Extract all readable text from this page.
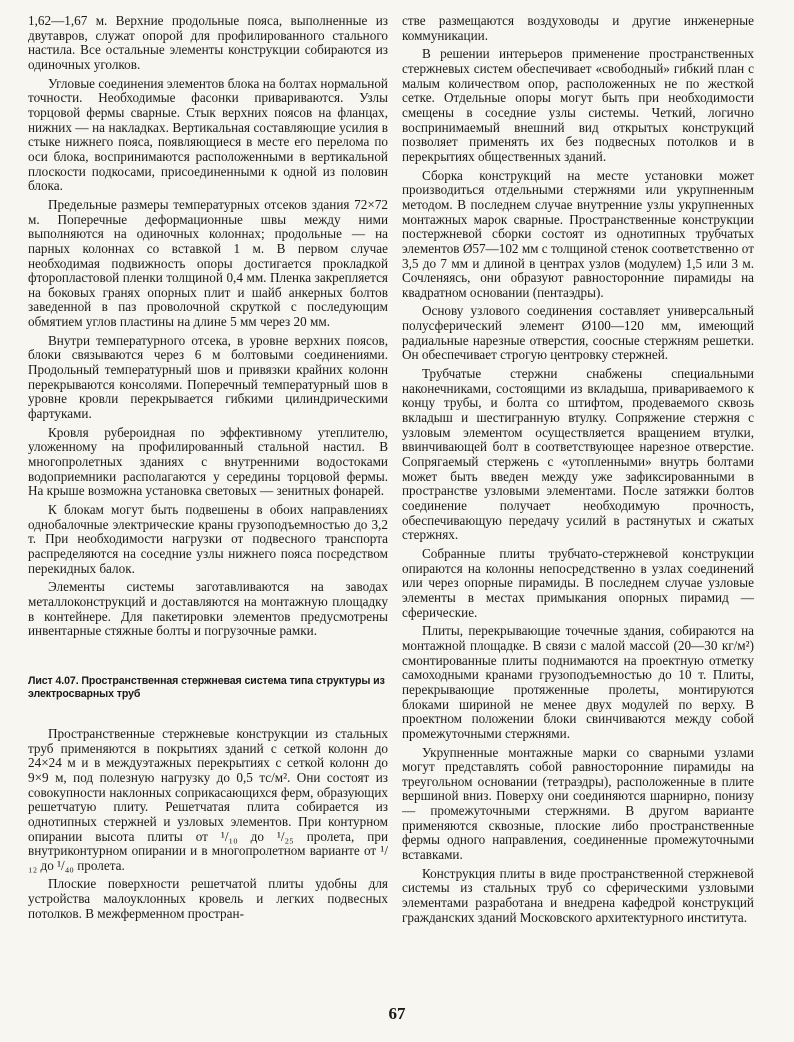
1,62—1,67 м. Верхние продольные пояса, выполненные из двутавров, служат опорой для профилированного стального настила. Все остальные элементы конструкции собираются из одиночных уголков.

Угловые соединения элементов блока на болтах нормальной точности. Необходимые фасонки привариваются. Узлы торцовой фермы сварные. Стык верхних поясов на фланцах, нижних — на накладках. Вертикальная составляющие усилия в стыке нижнего пояса, появляющиеся в месте его перелома по оси блока, воспринимаются расположенными в вертикальной плоскости подкосами, присоединенными к одной из половин блока.

Предельные размеры температурных отсеков здания 72×72 м. Поперечные деформационные швы между ними выполняются на одиночных колоннах; продольные — на парных колоннах со вставкой 1 м. В первом случае необходимая подвижность опоры достигается прокладкой фторопластовой пленки толщиной 0,4 мм. Пленка закрепляется на боковых гранях опорных плит и шайб анкерных болтов заведенной в паз проволочной скруткой с последующим обмятием углов пластины на длине 5 мм через 20 мм.

Внутри температурного отсека, в уровне верхних поясов, блоки связываются через 6 м болтовыми соединениями. Продольный температурный шов и привязки крайних колонн перекрываются консолями. Поперечный температурный шов в уровне кровли перекрывается гибкими цилиндрическими фартуками.

Кровля рубероидная по эффективному утеплителю, уложенному на профилированный стальной настил. В многопролетных зданиях с внутренними водостоками водоприемники располагаются у середины торцовой фермы. На крыше возможна установка световых — зенитных фонарей.

К блокам могут быть подвешены в обоих направлениях однобалочные электрические краны грузоподъемностью до 3,2 т. При необходимости нагрузки от подвесного транспорта распределяются на соседние узлы нижнего пояса посредством перекидных балок.

Элементы системы заготавливаются на заводах металлоконструкций и доставляются на монтажную площадку в контейнере. Для пакетировки элементов предусмотрены инвентарные стяжные болты и погрузочные рамки.

Лист 4.07. Пространственная стержневая система типа структуры из электросварных труб

Пространственные стержневые конструкции из стальных труб применяются в покрытиях зданий с сеткой колонн до 24×24 м и в междуэтажных перекрытиях с сеткой колонн до 9×9 м, под полезную нагрузку до 0,5 тс/м². Они состоят из совокупности наклонных соприкасающихся ферм, образующих решетчатую плиту. Решетчатая плита собирается из однотипных стержней и узловых элементов. При контурном опирании высота плиты от ¹/₁₀ до ¹/₂₅ пролета, при внутриконтурном опирании и в многопролетном варианте от ¹/₁₂ до ¹/₄₀ пролета.

Плоские поверхности решетчатой плиты удобны для устройства малоуклонных кровель и легких подвесных потолков. В межферменном простран-

стве размещаются воздуховоды и другие инженерные коммуникации.

В решении интерьеров применение пространственных стержневых систем обеспечивает «свободный» гибкий план с малым количеством опор, расположенных не по жесткой сетке. Отдельные опоры могут быть при необходимости смещены в соседние узлы системы. Четкий, логично воспринимаемый внешний вид открытых конструкций позволяет применять их без подвесных потолков и в перекрытиях общественных зданий.

Сборка конструкций на месте установки может производиться отдельными стержнями или укрупненным методом. В последнем случае внутренние узлы укрупненных монтажных марок сварные. Пространственные конструкции постержневой сборки состоят из однотипных трубчатых элементов Ø57—102 мм с толщиной стенок соответственно от 3,5 до 7 мм и длиной в центрах узлов (модулем) 1,5 или 3 м. Сочленяясь, они образуют равносторонние пирамиды на квадратном основании (пентаэдры).

Основу узлового соединения составляет универсальный полусферический элемент Ø100—120 мм, имеющий радиальные нарезные отверстия, соосные стержням решетки. Он обеспечивает строгую центровку стержней.

Трубчатые стержни снабжены специальными наконечниками, состоящими из вкладыша, привариваемого к концу трубы, и болта со штифтом, продеваемого сквозь вкладыш и шестигранную втулку. Сопряжение стержня с узловым элементом осуществляется вращением втулки, ввинчивающей болт в соответствующее нарезное отверстие. Сопрягаемый стержень с «утопленными» внутрь болтами может быть введен между уже зафиксированными в пространстве узловыми элементами. После затяжки болтов соединение получает необходимую прочность, обеспечивающую передачу усилий в растянутых и сжатых стержнях.

Собранные плиты трубчато-стержневой конструкции опираются на колонны непосредственно в узлах соединений или через опорные пирамиды. В последнем случае узловые элементы в местах примыкания опорных пирамид — сферические.

Плиты, перекрывающие точечные здания, собираются на монтажной площадке. В связи с малой массой (20—30 кг/м²) смонтированные плиты поднимаются на проектную отметку самоходными кранами грузоподъемностью до 10 т. Плиты, перекрывающие протяженные пролеты, монтируются блоками шириной не менее двух модулей по верху. В проектном положении блоки свинчиваются между собой промежуточными стержнями.

Укрупненные монтажные марки со сварными узлами могут представлять собой равносторонние пирамиды на треугольном основании (тетраэдры), расположенные в плите вершиной вниз. Поверху они соединяются шарнирно, понизу — промежуточными стержнями. В другом варианте применяются сквозные, плоские либо пространственные фермы одного направления, соединенные промежуточными вставками.

Конструкция плиты в виде пространственной стержневой системы из стальных труб со сферическими узловыми элементами разработана и внедрена кафедрой конструкций гражданских зданий Московского архитектурного института.

67
